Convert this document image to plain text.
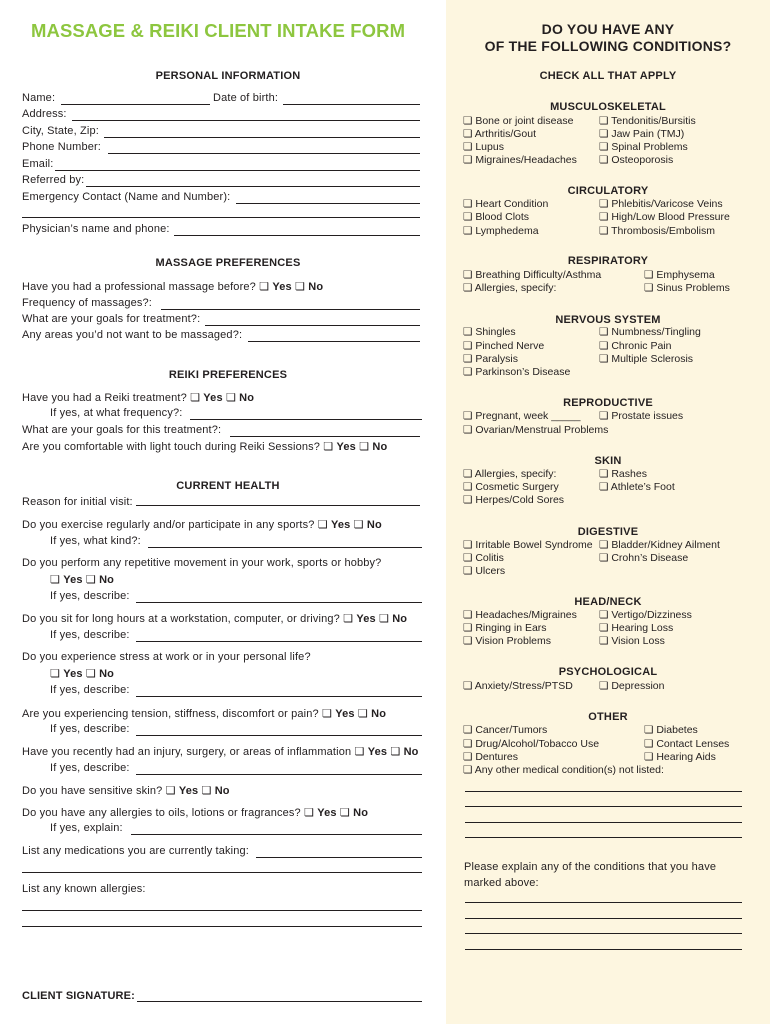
MASSAGE & REIKI CLIENT INTAKE FORM
PERSONAL INFORMATION
Name:	Date of birth:
Address:
City, State, Zip:
Phone Number:
Email:
Referred by:
Emergency Contact (Name and Number):
Physician’s name and phone:
MASSAGE PREFERENCES
Have you had a professional massage before? ❏ Yes ❏ No
Frequency of massages?:
What are your goals for treatment?:
Any areas you’d not want to be massaged?:
REIKI PREFERENCES
Have you had a Reiki treatment? ❏ Yes ❏ No
If yes, at what frequency?:
What are your goals for this treatment?:
Are you comfortable with light touch during Reiki Sessions? ❏ Yes ❏ No
CURRENT HEALTH
Reason for initial visit:
Do you exercise regularly and/or participate in any sports? ❏ Yes ❏ No
If yes, what kind?:
Do you perform any repetitive movement in your work, sports or hobby?
❏ Yes ❏ No
If yes, describe:
Do you sit for long hours at a workstation, computer, or driving? ❏ Yes ❏ No
If yes, describe:
Do you experience stress at work or in your personal life?
❏ Yes ❏ No
If yes, describe:
Are you experiencing tension, stiffness, discomfort or pain? ❏ Yes ❏ No
If yes, describe:
Have you recently had an injury, surgery, or areas of inflammation ❏ Yes ❏ No
If yes, describe:
Do you have sensitive skin? ❏ Yes ❏ No
Do you have any allergies to oils, lotions or fragrances? ❏ Yes ❏ No
If yes, explain:
List any medications you are currently taking:
List any known allergies:
CLIENT SIGNATURE:
DO YOU HAVE ANY
OF THE FOLLOWING CONDITIONS?
CHECK ALL THAT APPLY
MUSCULOSKELETAL
❏ Bone or joint disease ❏ Tendonitis/Bursitis
❏ Arthritis/Gout	❏ Jaw Pain (TMJ)
❏ Lupus	❏ Spinal Problems
❏ Migraines/Headaches ❏ Osteoporosis
CIRCULATORY
❏ Heart Condition	❏ Phlebitis/Varicose Veins
❏ Blood Clots	❏ High/Low Blood Pressure
❏ Lymphedema	❏ Thrombosis/Embolism
RESPIRATORY
❏ Breathing Difficulty/Asthma	❏ Emphysema
❏ Allergies, specify:	❏ Sinus Problems
NERVOUS SYSTEM
❏ Shingles	❏ Numbness/Tingling
❏ Pinched Nerve	❏ Chronic Pain
❏ Paralysis	❏ Multiple Sclerosis
❏ Parkinson’s Disease
REPRODUCTIVE
❏ Pregnant, week _____ ❏ Prostate issues
❏ Ovarian/Menstrual Problems
SKIN
❏ Allergies, specify:	❏ Rashes
❏ Cosmetic Surgery	❏ Athlete’s Foot
❏ Herpes/Cold Sores
DIGESTIVE
❏ Irritable Bowel Syndrome ❏ Bladder/Kidney Ailment
❏ Colitis	❏ Crohn’s Disease
❏ Ulcers
HEAD/NECK
❏ Headaches/Migraines ❏ Vertigo/Dizziness
❏ Ringing in Ears	❏ Hearing Loss
❏ Vision Problems	❏ Vision Loss
PSYCHOLOGICAL
❏ Anxiety/Stress/PTSD ❏ Depression
OTHER
❏ Cancer/Tumors	❏ Diabetes
❏ Drug/Alcohol/Tobacco Use	❏ Contact Lenses
❏ Dentures	❏ Hearing Aids
❏ Any other medical condition(s) not listed:
Please explain any of the conditions that you have marked above:
